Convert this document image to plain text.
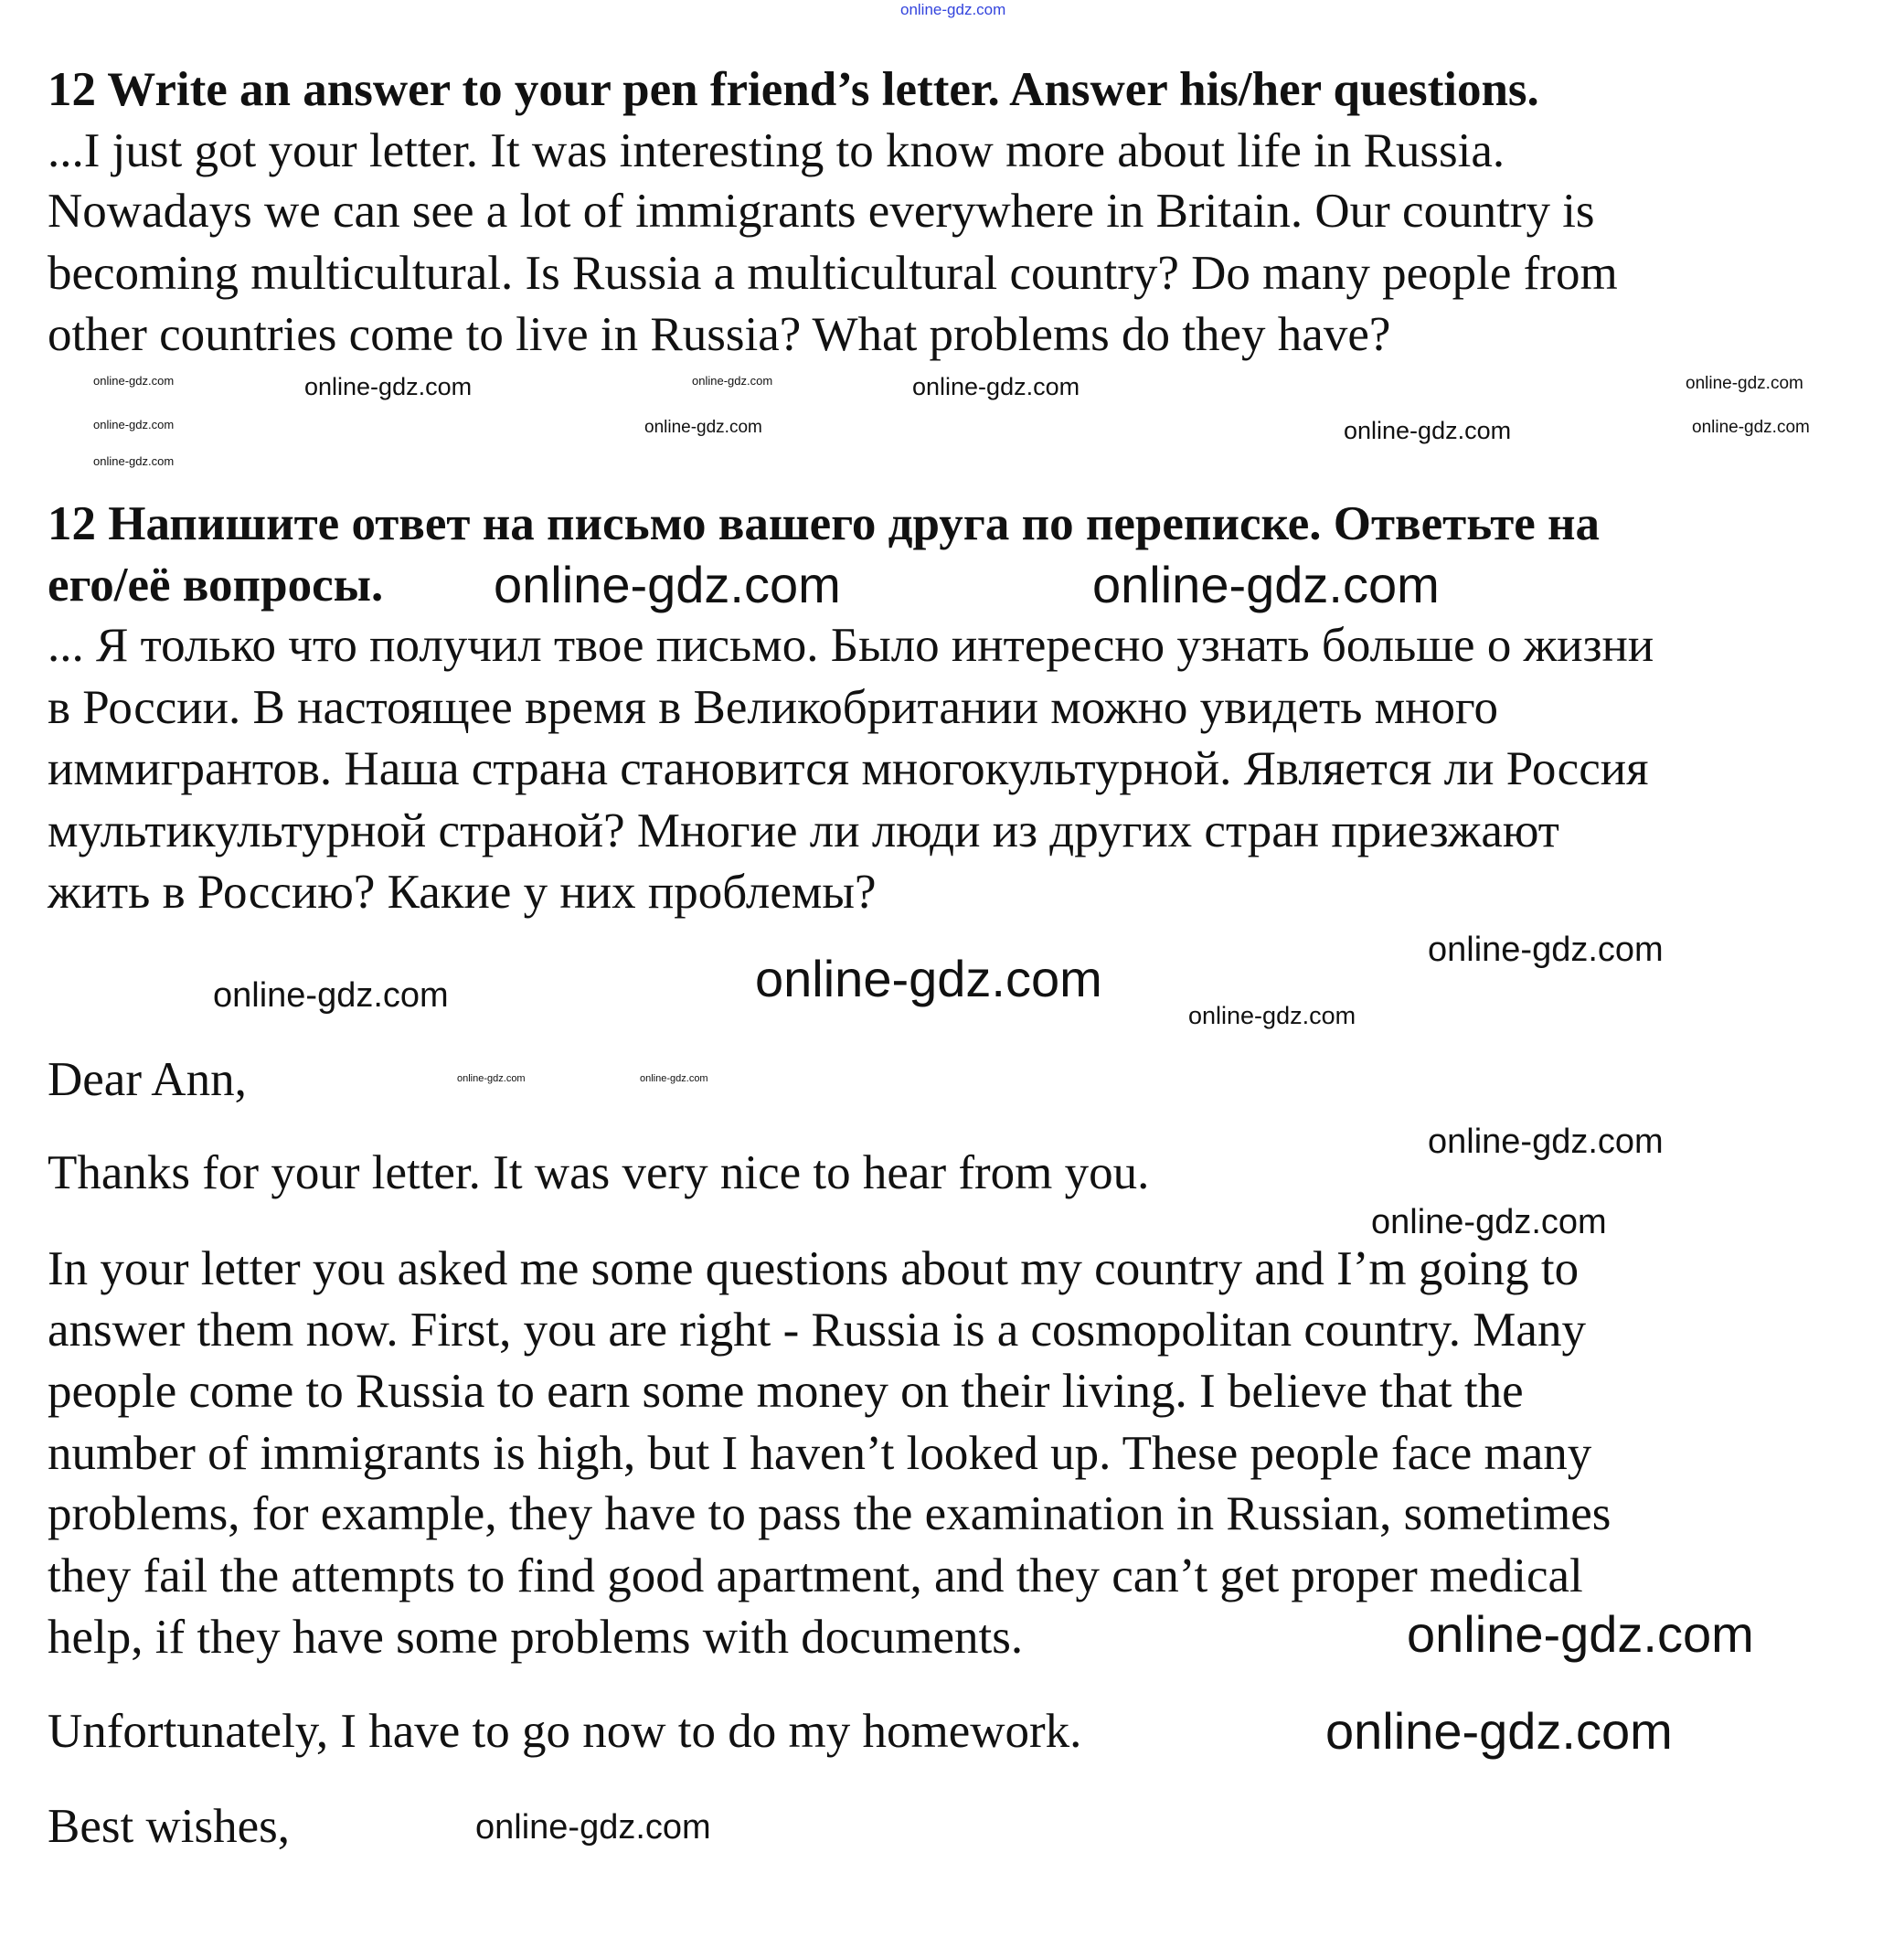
12 Write an answer to your pen friend’s letter. Answer his/her questions.
...I just got your letter. It was interesting to know more about life in Russia.
Nowadays we can see a lot of immigrants everywhere in Britain. Our country is
becoming multicultural. Is Russia a multicultural country? Do many people from
other countries come to live in Russia? What problems do they have?
12 Напишите ответ на письмо вашего друга по переписке. Ответьте на
его/её вопросы.
... Я только что получил твое письмо. Было интересно узнать больше о жизни
в России. В настоящее время в Великобритании можно увидеть много
иммигрантов. Наша страна становится многокультурной. Является ли Россия
мультикультурной страной? Многие ли люди из других стран приезжают
жить в Россию? Какие у них проблемы?
Dear Ann,
Thanks for your letter. It was very nice to hear from you.
In your letter you asked me some questions about my country and I’m going to
answer them now. First, you are right - Russia is a cosmopolitan country. Many
people come to Russia to earn some money on their living. I believe that the
number of immigrants is high, but I haven’t looked up. These people face many
problems, for example, they have to pass the examination in Russian, sometimes
they fail the attempts to find good apartment, and they can’t get proper medical
help, if they have some problems with documents.
Unfortunately, I have to go now to do my homework.
Best wishes,
online-gdz.com
online-gdz.com	online-gdz.com	online-gdz.com
online-gdz.com	online-gdz.com
online-gdz.com	online-gdz.com	online-gdz.com	online-gdz.com
online-gdz.com
online-gdz.com	online-gdz.com
online-gdz.com
online-gdz.com
online-gdz.com
online-gdz.com
online-gdz.com
online-gdz.com
online-gdz.com	online-gdz.com
online-gdz.com
online-gdz.com
online-gdz.com
